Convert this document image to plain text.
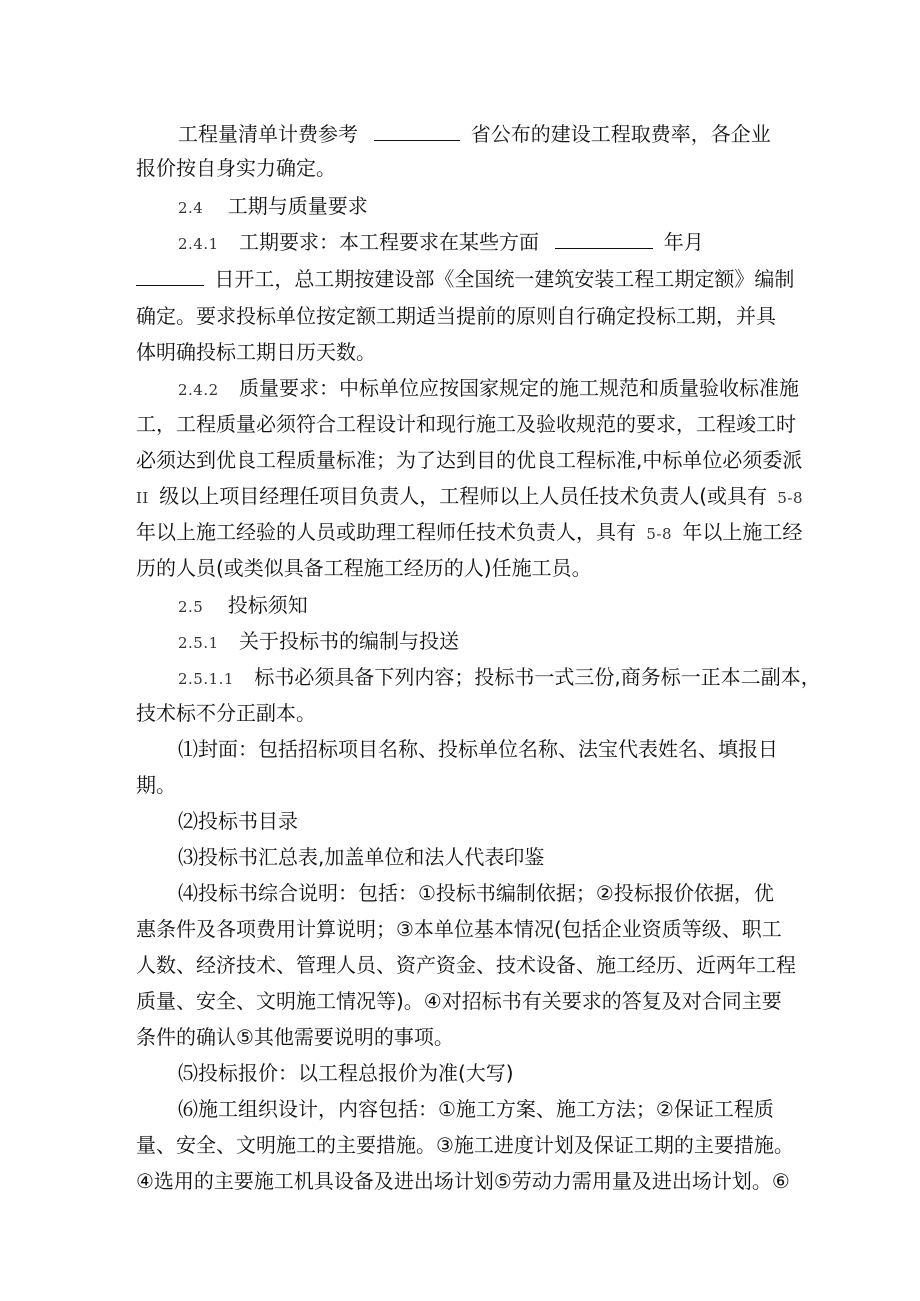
工程量清单计费参考	省公布的建设工程取费率，各企业
报价按自身实力确定。
2.4 工期与质量要求
2.4.1 工期要求：本工程要求在某些方面	年月
日开工，总工期按建设部《全国统一建筑安装工程工期定额》编制
确定。要求投标单位按定额工期适当提前的原则自行确定投标工期，并具
体明确投标工期日历天数。
2.4.2 质量要求：中标单位应按国家规定的施工规范和质量验收标准施
工，工程质量必须符合工程设计和现行施工及验收规范的要求，工程竣工时
必须达到优良工程质量标准；为了达到目的优良工程标准,中标单位必须委派
II 级以上项目经理任项目负责人，工程师以上人员任技术负责人(或具有 5-8
年以上施工经验的人员或助理工程师任技术负责人，具有 5-8 年以上施工经
历的人员(或类似具备工程施工经历的人)任施工员。
2.5 投标须知
2.5.1 关于投标书的编制与投送
2.5.1.1 标书必须具备下列内容；投标书一式三份,商务标一正本二副本，
技术标不分正副本。
⑴封面：包括招标项目名称、投标单位名称、法宝代表姓名、填报日
期。
⑵投标书目录
⑶投标书汇总表,加盖单位和法人代表印鉴
⑷投标书综合说明：包括：①投标书编制依据；②投标报价依据，优
惠条件及各项费用计算说明；③本单位基本情况(包括企业资质等级、职工
人数、经济技术、管理人员、资产资金、技术设备、施工经历、近两年工程
质量、安全、文明施工情况等)。④对招标书有关要求的答复及对合同主要
条件的确认⑤其他需要说明的事项。
⑸投标报价：以工程总报价为准(大写)
⑹施工组织设计，内容包括：①施工方案、施工方法；②保证工程质
量、安全、文明施工的主要措施。③施工进度计划及保证工期的主要措施。
④选用的主要施工机具设备及进出场计划⑤劳动力需用量及进出场计划。⑥
